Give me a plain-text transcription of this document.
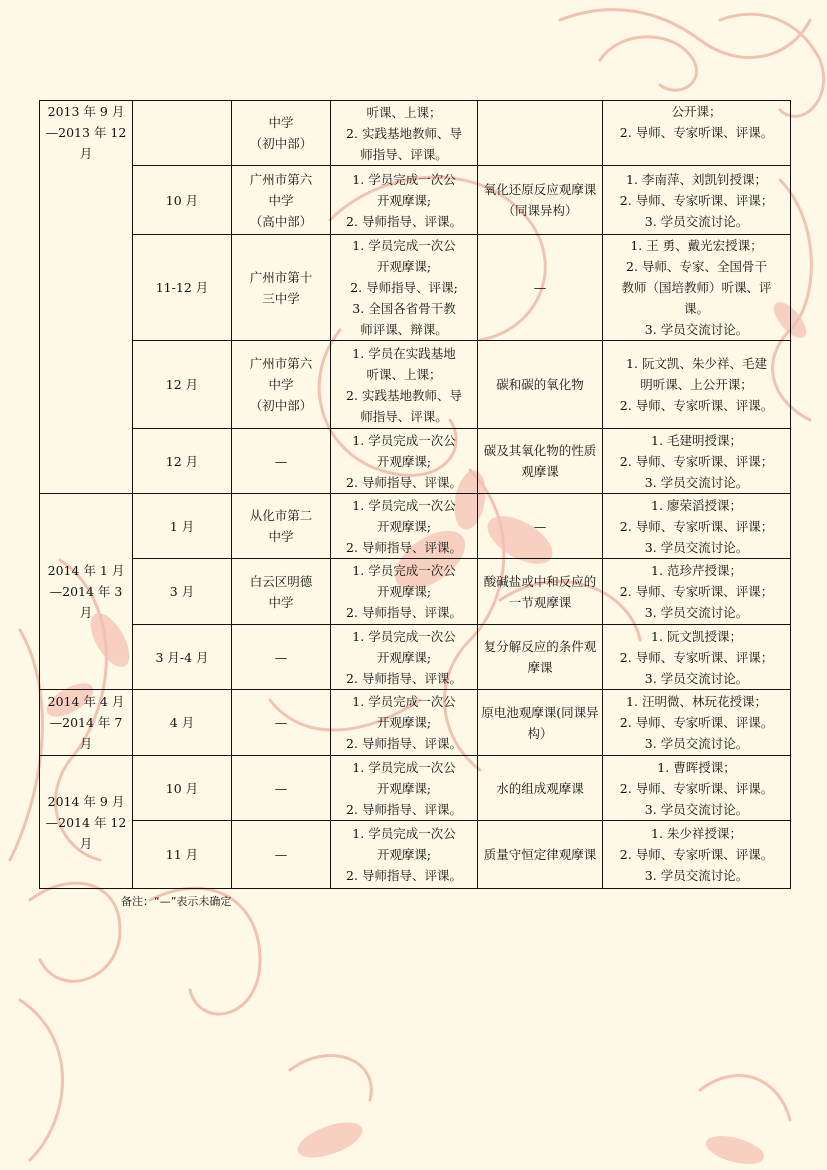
2013 年 9 月—2013 年 12 月		中学
（初中部）	听课、上课；
2. 实践基地教师、导
师指导、评课。		公开课；
2. 导师、专家听课、评课。

	10 月	广州市第六
中学
（高中部）	1. 学员完成一次公
开观摩课;
2. 导师指导、评课。	氧化还原反应观摩课（同课异构）	1. 李南萍、刘凯钊授课；
2. 导师、专家听课、评课；
3. 学员交流讨论。

	11-12 月	广州市第十
三中学	1. 学员完成一次公
开观摩课;
2. 导师指导、评课;
3. 全国各省骨干教
师评课、辩课。	—	1. 王 勇、戴光宏授课；
2. 导师、专家、全国骨干
教师（国培教师）听课、评
课。
3. 学员交流讨论。

	12 月	广州市第六
中学
（初中部）	1. 学员在实践基地
听课、上课；
2. 实践基地教师、导
师指导、评课。	碳和碳的氧化物	1. 阮文凯、朱少祥、毛建
明听课、上公开课；
2. 导师、专家听课、评课。

	12 月	—	1. 学员完成一次公
开观摩课;
2. 导师指导、评课。	碳及其氧化物的性质观摩课	1. 毛建明授课；
2. 导师、专家听课、评课；
3. 学员交流讨论。

2014 年 1 月—2014 年 3 月	1 月	从化市第二
中学	1. 学员完成一次公
开观摩课;
2. 导师指导、评课。	—	1. 廖荣滔授课；
2. 导师、专家听课、评课；
3. 学员交流讨论。

	3 月	白云区明德
中学	1. 学员完成一次公
开观摩课;
2. 导师指导、评课。	酸碱盐或中和反应的一节观摩课	1. 范珍芹授课；
2. 导师、专家听课、评课；
3. 学员交流讨论。

	3 月-4 月	—	1. 学员完成一次公
开观摩课;
2. 导师指导、评课。	复分解反应的条件观摩课	1. 阮文凯授课；
2. 导师、专家听课、评课；
3. 学员交流讨论。

2014 年 4 月—2014 年 7 月	4 月	—	1. 学员完成一次公
开观摩课;
2. 导师指导、评课。	原电池观摩课(同课异构）	1. 汪明微、林玩花授课；
2. 导师、专家听课、评课。
3. 学员交流讨论。

2014 年 9 月—2014 年 12 月	10 月	—	1. 学员完成一次公
开观摩课;
2. 导师指导、评课。	水的组成观摩课	1. 曹晖授课；
2. 导师、专家听课、评课。
3. 学员交流讨论。

	11 月	—	1. 学员完成一次公
开观摩课;
2. 导师指导、评课。	质量守恒定律观摩课	1. 朱少祥授课；
2. 导师、专家听课、评课。
3. 学员交流讨论。
备注：“—”表示未确定
